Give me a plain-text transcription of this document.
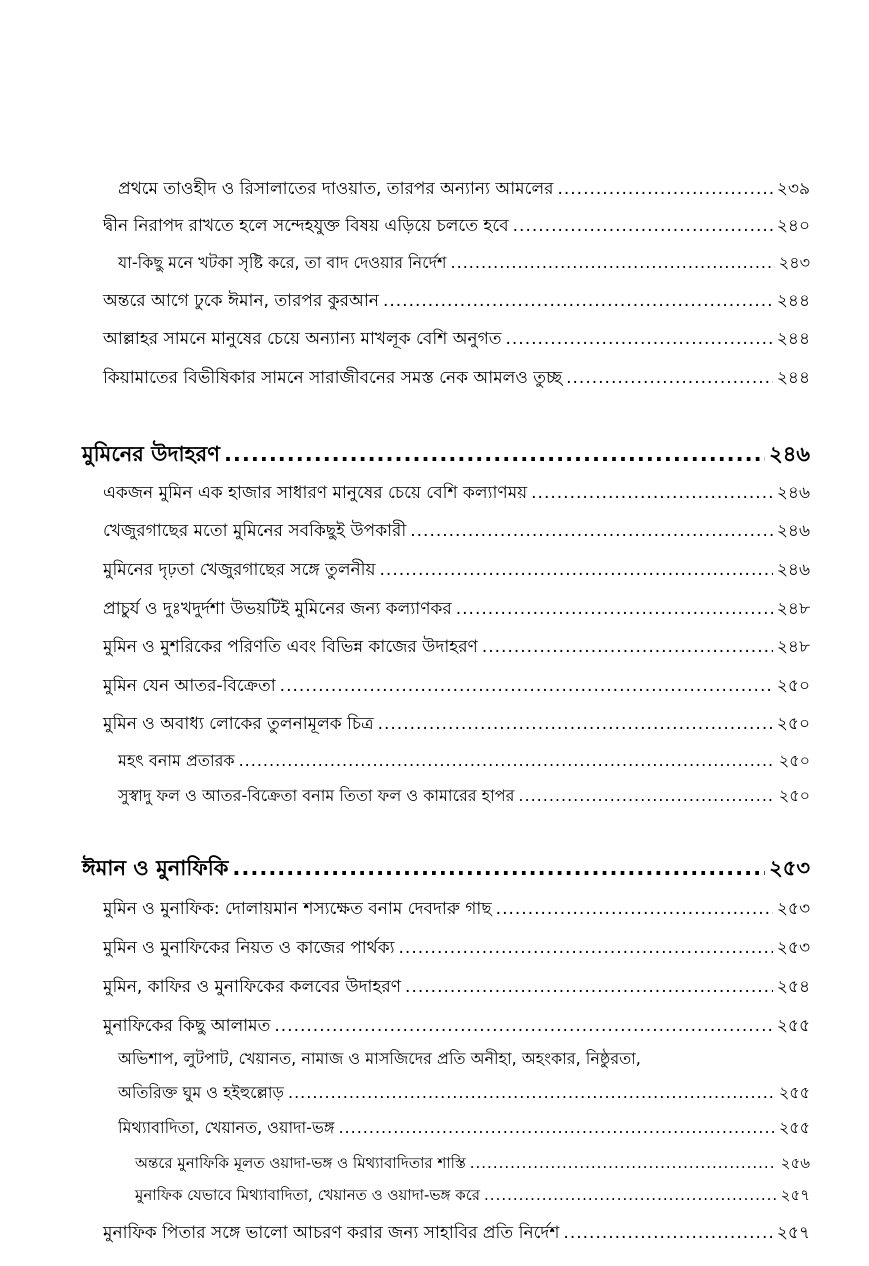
প্রথমে তাওহীদ ও রিসালাতের দাওয়াত, তারপর অন্যান্য আমলের .....	২৩৯
দ্বীন নিরাপদ রাখতে হলে সন্দেহযুক্ত বিষয় এড়িয়ে চলতে হবে .....	২৪০
যা-কিছু মনে খটকা সৃষ্টি করে, তা বাদ দেওয়ার নির্দেশ .....	২৪৩
অন্তরে আগে ঢুকে ঈমান, তারপর কুরআন .....	২৪৪
আল্লাহর সামনে মানুষের চেয়ে অন্যান্য মাখলূক বেশি অনুগত .....	২৪৪
কিয়ামাতের বিভীষিকার সামনে সারাজীবনের সমস্ত নেক আমলও তুচ্ছ .....	২৪৪
মুমিনের উদাহরণ .....	২৪৬
একজন মুমিন এক হাজার সাধারণ মানুষের চেয়ে বেশি কল্যাণময় .....	২৪৬
খেজুরগাছের মতো মুমিনের সবকিছুই উপকারী .....	২৪৬
মুমিনের দৃঢ়তা খেজুরগাছের সঙ্গে তুলনীয় .....	২৪৬
প্রাচুর্য ও দুঃখদুর্দশা উভয়টিই মুমিনের জন্য কল্যাণকর .....	২৪৮
মুমিন ও মুশরিকের পরিণতি এবং বিভিন্ন কাজের উদাহরণ .....	২৪৮
মুমিন যেন আতর-বিক্রেতা .....	২৫০
মুমিন ও অবাধ্য লোকের তুলনামূলক চিত্র .....	২৫০
মহৎ বনাম প্রতারক .....	২৫০
সুস্বাদু ফল ও আতর-বিক্রেতা বনাম তিতা ফল ও কামারের হাপর .....	২৫০
ঈমান ও মুনাফিকি .....	২৫৩
মুমিন ও মুনাফিক: দোলায়মান শস্যক্ষেত বনাম দেবদারু গাছ .....	২৫৩
মুমিন ও মুনাফিকের নিয়ত ও কাজের পার্থক্য .....	২৫৩
মুমিন, কাফির ও মুনাফিকের কলবের উদাহরণ .....	২৫৪
মুনাফিকের কিছু আলামত .....	২৫৫
অভিশাপ, লুটপাট, খেয়ানত, নামাজ ও মাসজিদের প্রতি অনীহা, অহংকার, নিষ্ঠুরতা,
অতিরিক্ত ঘুম ও হইহুল্লোড় .....	২৫৫
মিথ্যাবাদিতা, খেয়ানত, ওয়াদা-ভঙ্গ .....	২৫৫
অন্তরে মুনাফিকি মূলত ওয়াদা-ভঙ্গ ও মিথ্যাবাদিতার শাস্তি .....	২৫৬
মুনাফিক যেভাবে মিথ্যাবাদিতা, খেয়ানত ও ওয়াদা-ভঙ্গ করে .....	২৫৭
মুনাফিক পিতার সঙ্গে ভালো আচরণ করার জন্য সাহাবির প্রতি নির্দেশ .....	২৫৭
